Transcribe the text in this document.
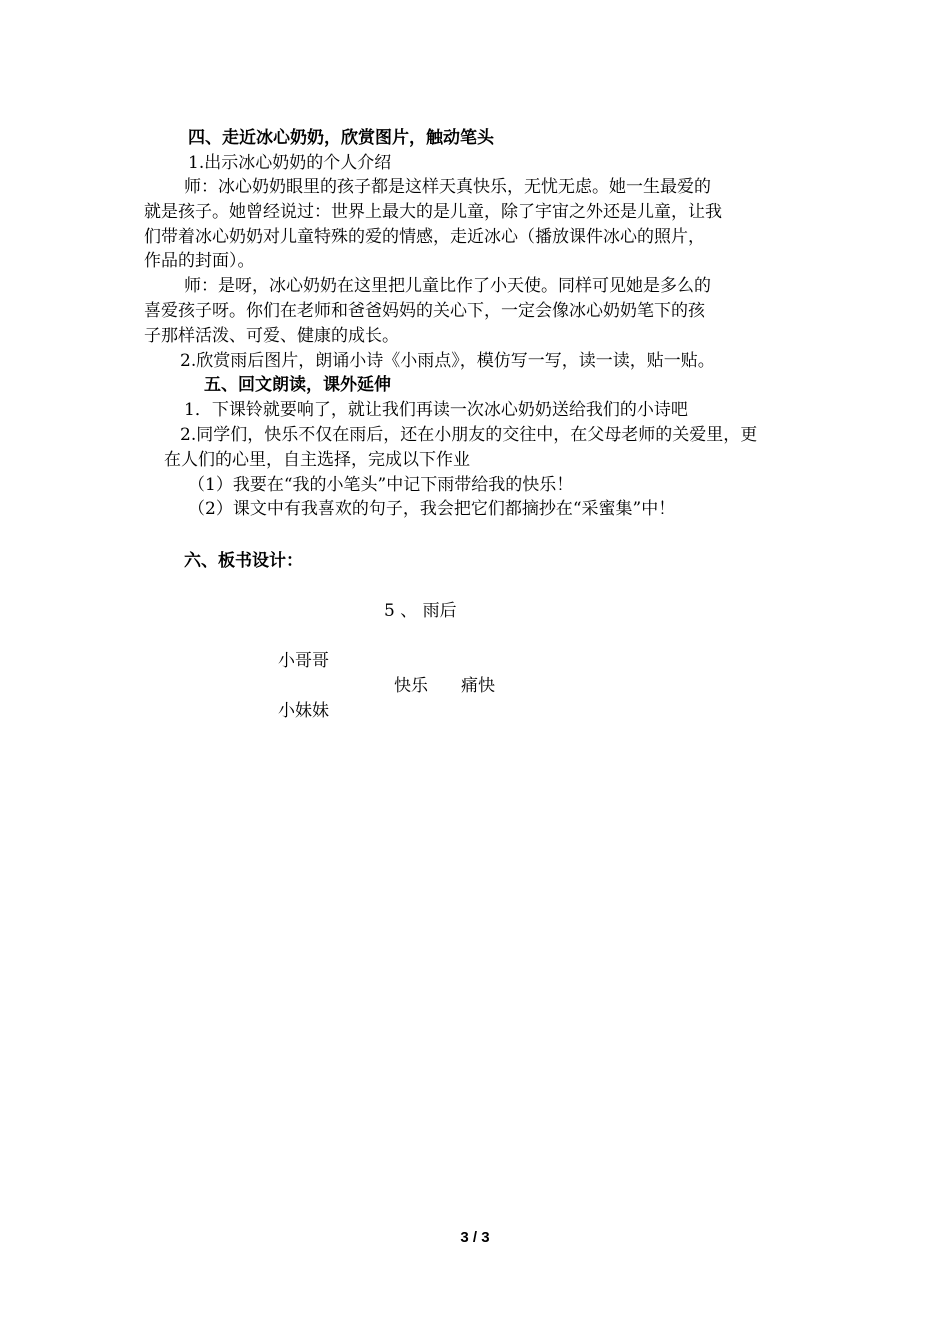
四、走近冰心奶奶，欣赏图片，触动笔头
1.出示冰心奶奶的个人介绍
师：冰心奶奶眼里的孩子都是这样天真快乐，无忧无虑。她一生最爱的
就是孩子。她曾经说过：世界上最大的是儿童，除了宇宙之外还是儿童，让我
们带着冰心奶奶对儿童特殊的爱的情感，走近冰心（播放课件冰心的照片，
作品的封面）。
师：是呀，冰心奶奶在这里把儿童比作了小天使。同样可见她是多么的
喜爱孩子呀。你们在老师和爸爸妈妈的关心下，一定会像冰心奶奶笔下的孩
子那样活泼、可爱、健康的成长。
2.欣赏雨后图片，朗诵小诗《小雨点》，模仿写一写，读一读，贴一贴。
五、回文朗读，课外延伸
1．下课铃就要响了，就让我们再读一次冰心奶奶送给我们的小诗吧
2.同学们，快乐不仅在雨后，还在小朋友的交往中，在父母老师的关爱里，更
在人们的心里，自主选择，完成以下作业
（1）我要在“我的小笔头”中记下雨带给我的快乐！
（2）课文中有我喜欢的句子，我会把它们都摘抄在“采蜜集”中！
六、板书设计：
5 、 雨后
小哥哥
快乐 痛快
小妹妹
3 / 3
